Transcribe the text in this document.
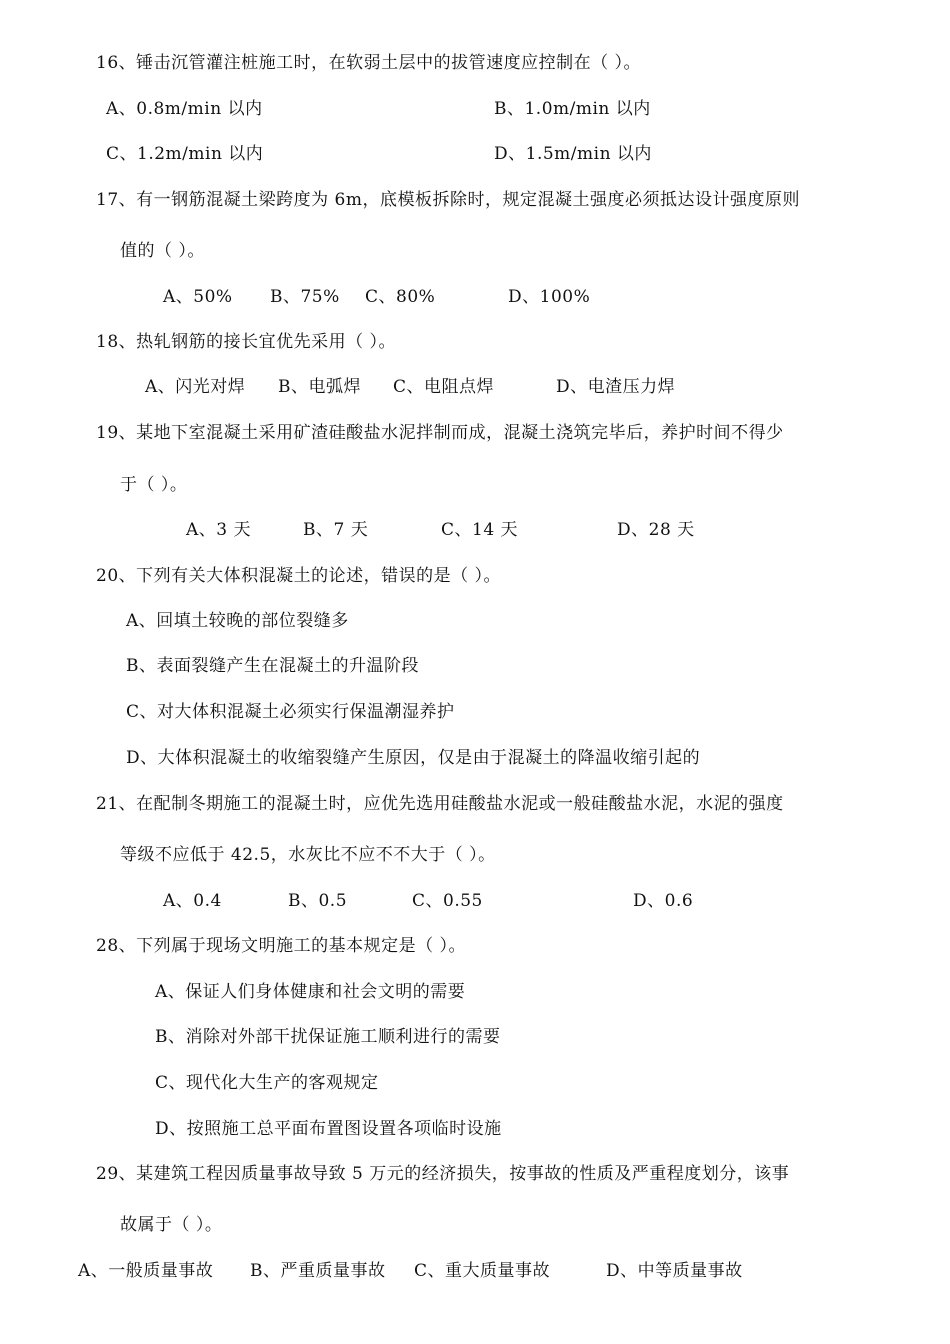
16、锤击沉管灌注桩施工时，在软弱土层中的拔管速度应控制在（ ）。
A、0.8m/min 以内	B、1.0m/min 以内
C、1.2m/min 以内	D、1.5m/min 以内
17、有一钢筋混凝土梁跨度为 6m，底模板拆除时，规定混凝土强度必须抵达设计强度原则
值的（ ）。
A、50% B、75% C、80%	D、100%
18、热轧钢筋的接长宜优先采用（ ）。
A、闪光对焊 B、电弧焊 C、电阻点焊	D、电渣压力焊
19、某地下室混凝土采用矿渣硅酸盐水泥拌制而成，混凝土浇筑完毕后，养护时间不得少
于（ ）。
A、3 天	B、7 天	C、14 天	D、28 天
20、下列有关大体积混凝土的论述，错误的是（ ）。
A、回填土较晚的部位裂缝多
B、表面裂缝产生在混凝土的升温阶段
C、对大体积混凝土必须实行保温潮湿养护
D、大体积混凝土的收缩裂缝产生原因，仅是由于混凝土的降温收缩引起的
21、在配制冬期施工的混凝土时，应优先选用硅酸盐水泥或一般硅酸盐水泥，水泥的强度
等级不应低于 42.5，水灰比不应不不大于（ ）。
A、0.4	B、0.5	C、0.55	D、0.6
28、下列属于现场文明施工的基本规定是（ ）。
A、保证人们身体健康和社会文明的需要
B、消除对外部干扰保证施工顺利进行的需要
C、现代化大生产的客观规定
D、按照施工总平面布置图设置各项临时设施
29、某建筑工程因质量事故导致 5 万元的经济损失，按事故的性质及严重程度划分，该事
故属于（ ）。
A、一般质量事故 B、严重质量事故 C、重大质量事故	D、中等质量事故
